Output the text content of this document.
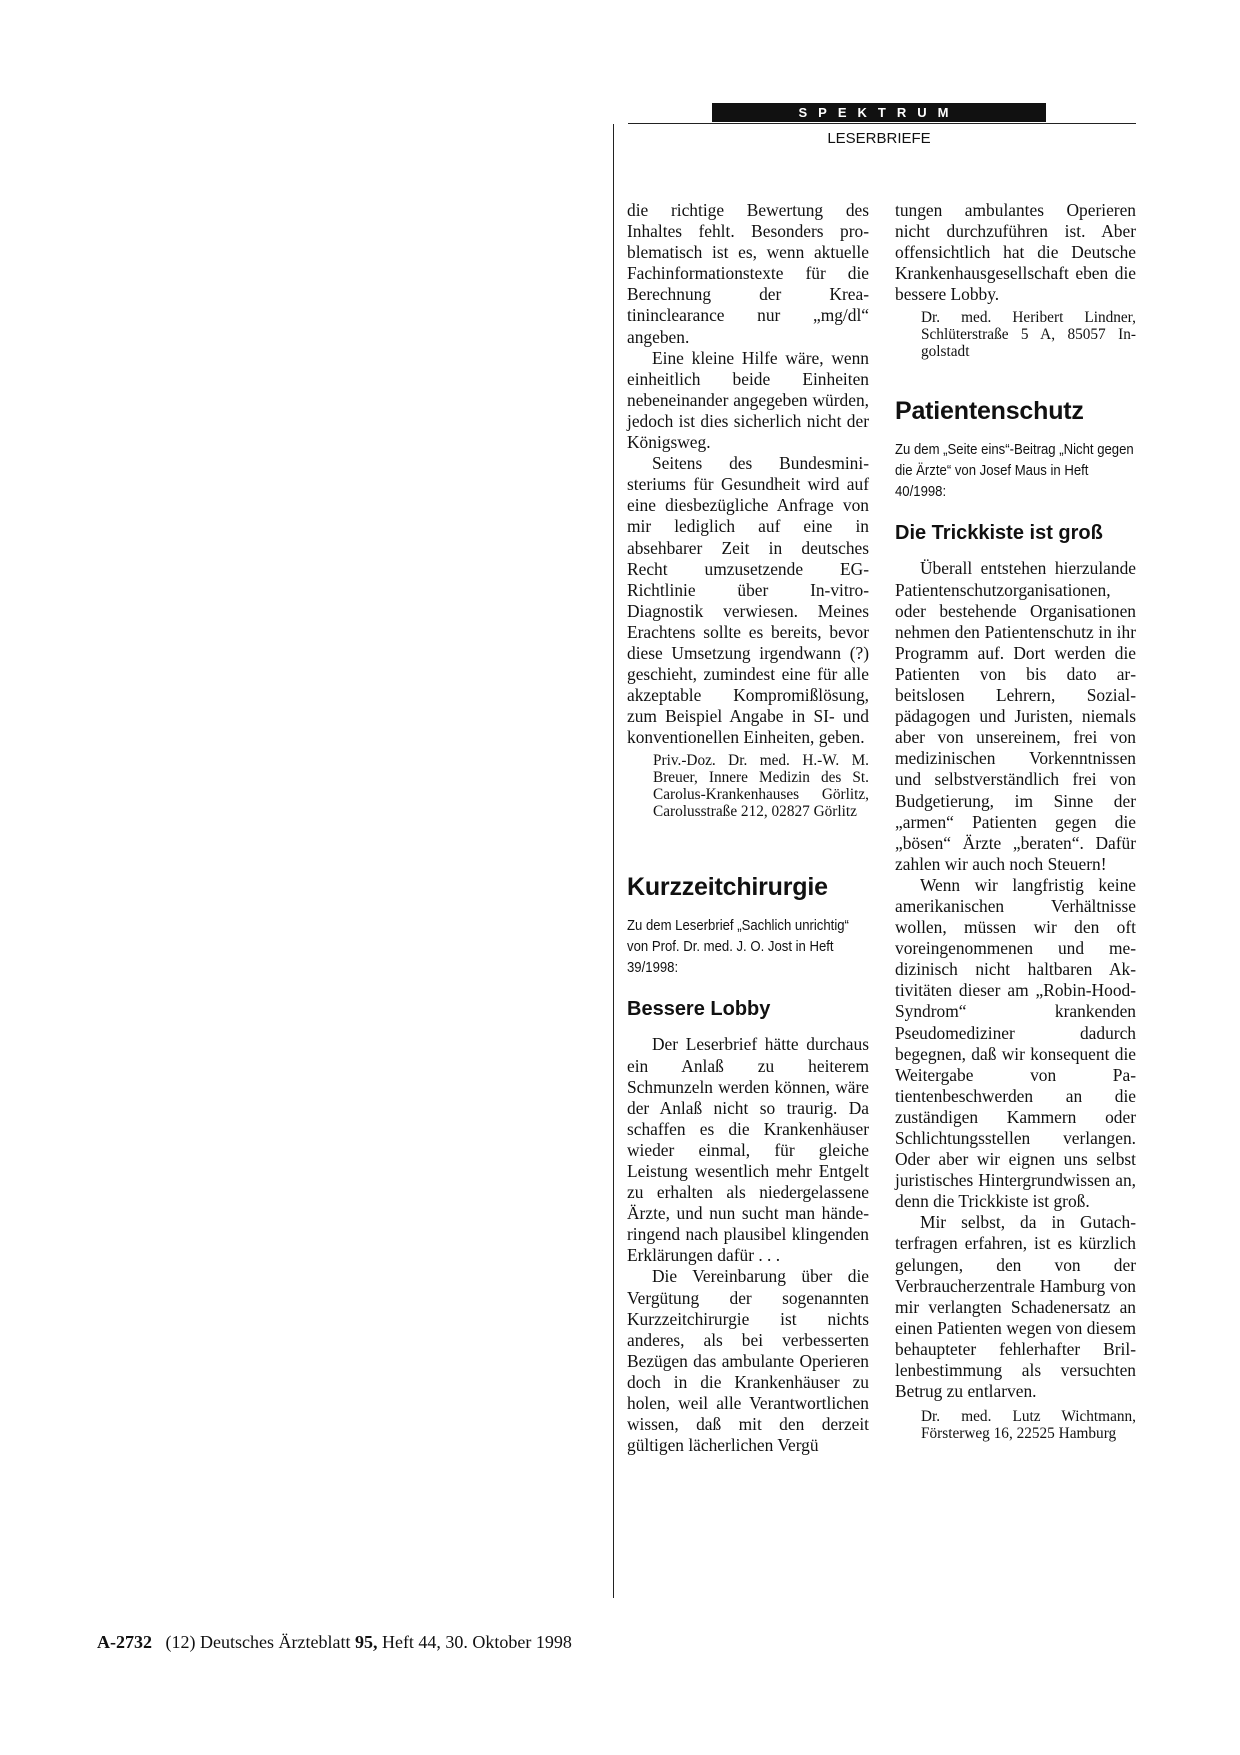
SPEKTRUM
LESERBRIEFE

die richtige Bewertung des Inhaltes fehlt. Besonders problematisch ist es, wenn aktuelle Fachinformationstexte für die Berechnung der Kreatininclearance nur „mg/dl“ angeben.

Eine kleine Hilfe wäre, wenn einheitlich beide Einheiten nebeneinander angegeben würden, jedoch ist dies sicherlich nicht der Königsweg.

Seitens des Bundesministeriums für Gesundheit wird auf eine diesbezügliche Anfrage von mir lediglich auf eine in absehbarer Zeit in deutsches Recht umzusetzende EG-Richtlinie über In-vitro-Diagnostik verwiesen. Meines Erachtens sollte es bereits, bevor diese Umsetzung irgendwann (?) geschieht, zumindest eine für alle akzeptable Kompromißlösung, zum Beispiel Angabe in SI- und konventionellen Einheiten, geben.

Priv.-Doz. Dr. med. H.-W. M. Breuer, Innere Medizin des St. Carolus-Krankenhauses Görlitz, Carolusstraße 212, 02827 Görlitz

Kurzzeitchirurgie

Zu dem Leserbrief „Sachlich unrichtig“ von Prof. Dr. med. J. O. Jost in Heft 39/1998:

Bessere Lobby

Der Leserbrief hätte durchaus ein Anlaß zu heiterem Schmunzeln werden können, wäre der Anlaß nicht so traurig. Da schaffen es die Krankenhäuser wieder einmal, für gleiche Leistung wesentlich mehr Entgelt zu erhalten als niedergelassene Ärzte, und nun sucht man händeringend nach plausibel klingenden Erklärungen dafür . . .

Die Vereinbarung über die Vergütung der sogenannten Kurzzeitchirurgie ist nichts anderes, als bei verbesserten Bezügen das ambulante Operieren doch in die Krankenhäuser zu holen, weil alle Verantwortlichen wissen, daß mit den derzeit gültigen lächerlichen Vergü

tungen ambulantes Operieren nicht durchzuführen ist. Aber offensichtlich hat die Deutsche Krankenhausgesellschaft eben die bessere Lobby.

Dr. med. Heribert Lindner, Schlüterstraße 5 A, 85057 Ingolstadt

Patientenschutz

Zu dem „Seite eins“-Beitrag „Nicht gegen die Ärzte“ von Josef Maus in Heft 40/1998:

Die Trickkiste ist groß

Überall entstehen hierzulande Patientenschutzorganisationen, oder bestehende Organisationen nehmen den Patientenschutz in ihr Programm auf. Dort werden die Patienten von bis dato arbeitslosen Lehrern, Sozialpädagogen und Juristen, niemals aber von unsereinem, frei von medizinischen Vorkenntnissen und selbstverständlich frei von Budgetierung, im Sinne der „armen“ Patienten gegen die „bösen“ Ärzte „beraten“. Dafür zahlen wir auch noch Steuern!

Wenn wir langfristig keine amerikanischen Verhältnisse wollen, müssen wir den oft voreingenommenen und medizinisch nicht haltbaren Aktivitäten dieser am „Robin-Hood-Syndrom“ krankenden Pseudomediziner dadurch begegnen, daß wir konsequent die Weitergabe von Patientenbeschwerden an die zuständigen Kammern oder Schlichtungsstellen verlangen. Oder aber wir eignen uns selbst juristisches Hintergrundwissen an, denn die Trickkiste ist groß.

Mir selbst, da in Gutachterfragen erfahren, ist es kürzlich gelungen, den von der Verbraucherzentrale Hamburg von mir verlangten Schadenersatz an einen Patienten wegen von diesem behaupteter fehlerhafter Brillenbestimmung als versuchten Betrug zu entlarven.

Dr. med. Lutz Wichtmann, Försterweg 16, 22525 Hamburg

A-2732 (12) Deutsches Ärzteblatt 95, Heft 44, 30. Oktober 1998
